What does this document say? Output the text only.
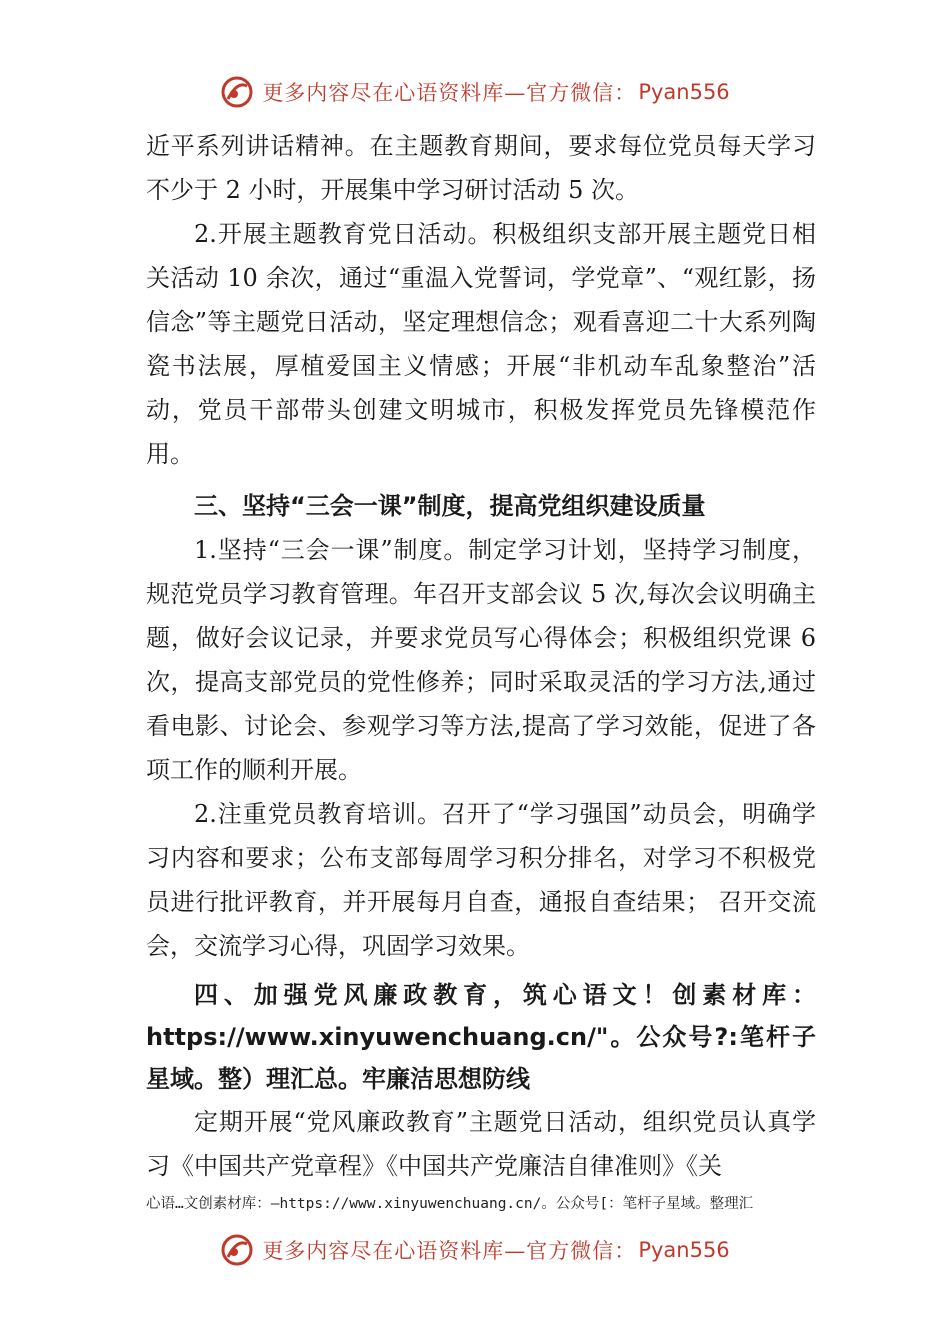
更多内容尽在心语资料库—官方微信： Pyan556

近平系列讲话精神。在主题教育期间，要求每位党员每天学习不少于 2 小时，开展集中学习研讨活动 5 次。

2.开展主题教育党日活动。积极组织支部开展主题党日相关活动 10 余次，通过“重温入党誓词，学党章”、“观红影，扬信念”等主题党日活动，坚定理想信念；观看喜迎二十大系列陶瓷书法展，厚植爱国主义情感；开展“非机动车乱象整治”活动，党员干部带头创建文明城市，积极发挥党员先锋模范作用。

三、坚持“三会一课”制度，提高党组织建设质量

1.坚持“三会一课”制度。制定学习计划，坚持学习制度，规范党员学习教育管理。年召开支部会议 5 次,每次会议明确主题，做好会议记录，并要求党员写心得体会；积极组织党课 6 次，提高支部党员的党性修养；同时采取灵活的学习方法,通过看电影、讨论会、参观学习等方法,提高了学习效能，促进了各项工作的顺利开展。

2.注重党员教育培训。召开了“学习强国”动员会，明确学习内容和要求；公布支部每周学习积分排名，对学习不积极党员进行批评教育，并开展每月自查，通报自查结果； 召开交流会，交流学习心得，巩固学习效果。

四、加强党风廉政教育，筑心语文！创素材库：https://www.xinyuwenchuang.cn/"。公众号?:笔杆子星域。整）理汇总。牢廉洁思想防线

定期开展“党风廉政教育”主题党日活动，组织党员认真学习《中国共产党章程》《中国共产党廉洁自律准则》《关

心语…文创素材库：—https://www.xinyuwenchuang.cn/。公众号[：笔杆子星域。整理汇
更多内容尽在心语资料库—官方微信： Pyan556
